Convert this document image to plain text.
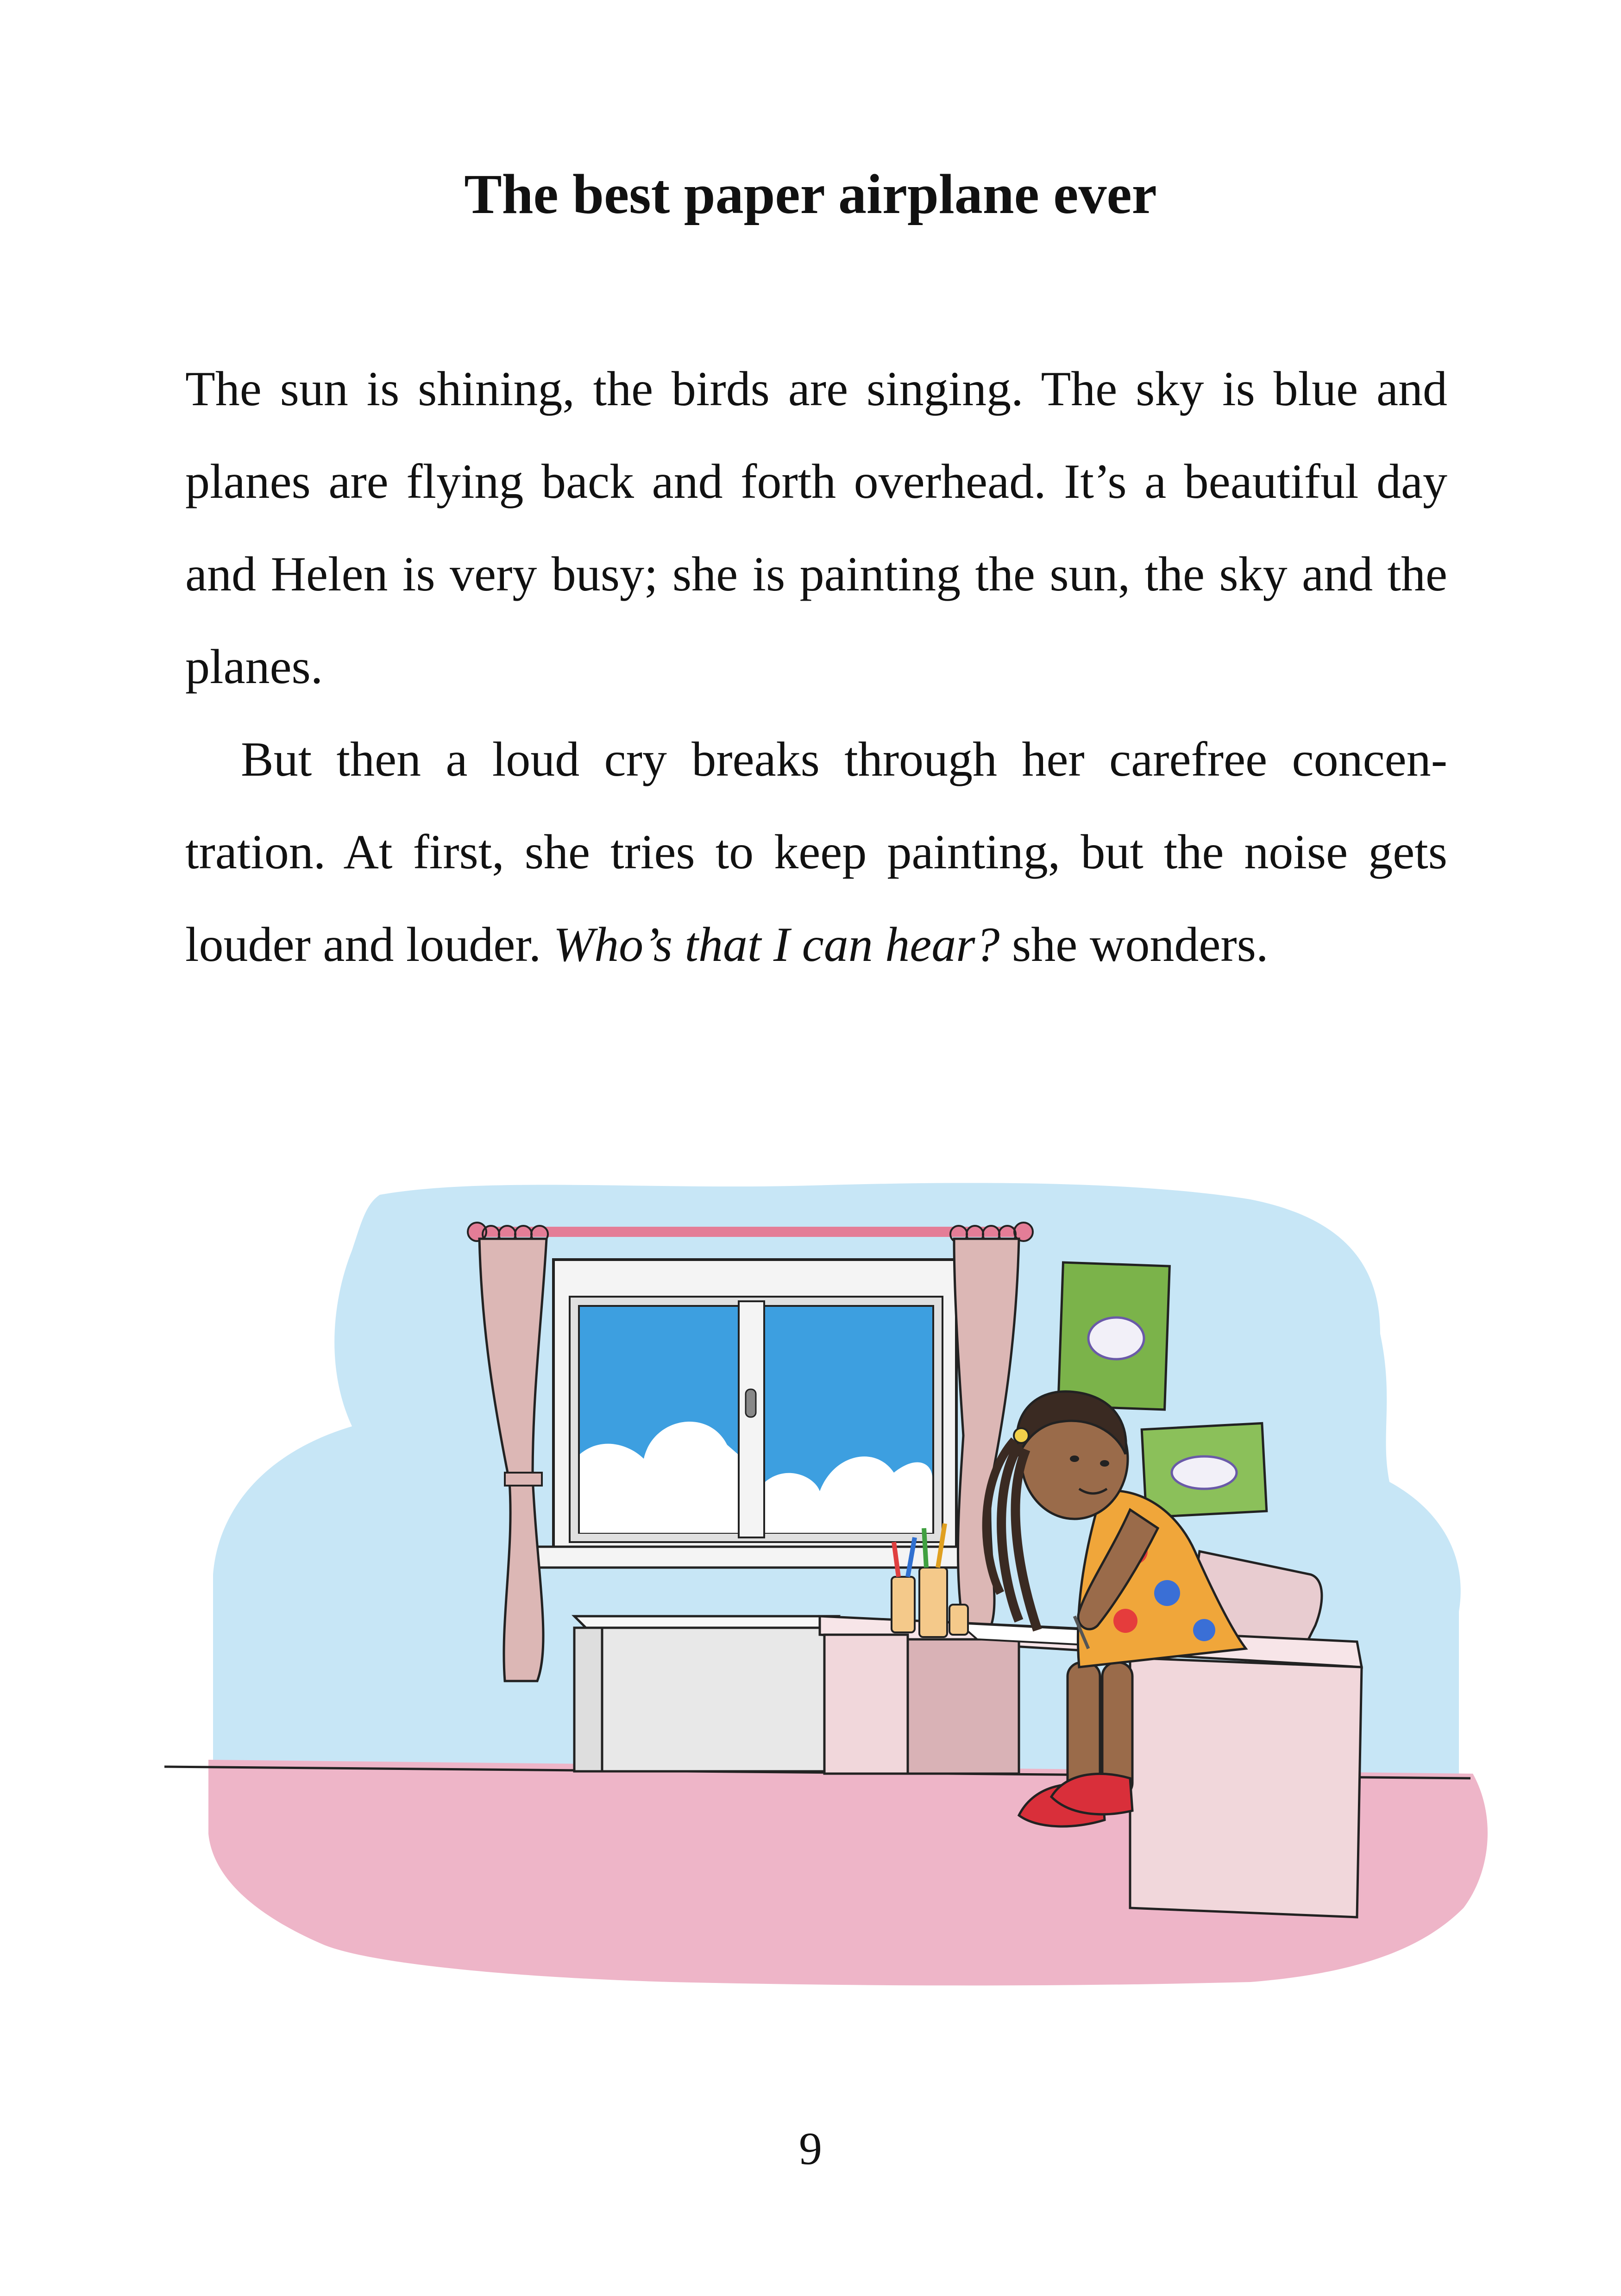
The best paper airplane ever

The sun is shining, the birds are singing. The sky is blue and planes are flying back and forth overhead. It’s a beautiful day and Helen is very busy; she is painting the sun, the sky and the planes.

But then a loud cry breaks through her carefree concentration. At first, she tries to keep painting, but the noise gets louder and louder. Who’s that I can hear? she wonders.

9
